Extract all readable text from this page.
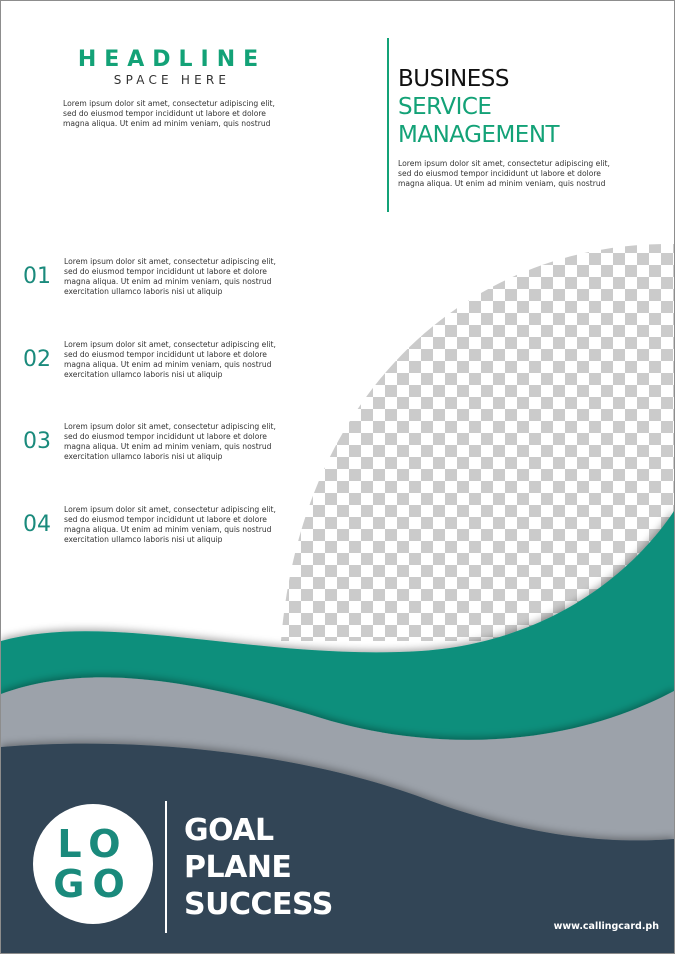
HEADLINE
SPACE HERE

Lorem ipsum dolor sit amet, consectetur adipiscing elit,
sed do eiusmod tempor incididunt ut labore et dolore
magna aliqua. Ut enim ad minim veniam, quis nostrud

BUSINESS
SERVICE
MANAGEMENT

Lorem ipsum dolor sit amet, consectetur adipiscing elit,
sed do eiusmod tempor incididunt ut labore et dolore
magna aliqua. Ut enim ad minim veniam, quis nostrud

01

Lorem ipsum dolor sit amet, consectetur adipiscing elit,
sed do eiusmod tempor incididunt ut labore et dolore
magna aliqua. Ut enim ad minim veniam, quis nostrud
exercitation ullamco laboris nisi ut aliquip

02

Lorem ipsum dolor sit amet, consectetur adipiscing elit,
sed do eiusmod tempor incididunt ut labore et dolore
magna aliqua. Ut enim ad minim veniam, quis nostrud
exercitation ullamco laboris nisi ut aliquip

03

Lorem ipsum dolor sit amet, consectetur adipiscing elit,
sed do eiusmod tempor incididunt ut labore et dolore
magna aliqua. Ut enim ad minim veniam, quis nostrud
exercitation ullamco laboris nisi ut aliquip

04

Lorem ipsum dolor sit amet, consectetur adipiscing elit,
sed do eiusmod tempor incididunt ut labore et dolore
magna aliqua. Ut enim ad minim veniam, quis nostrud
exercitation ullamco laboris nisi ut aliquip

LO
GO
GOAL
PLANE
SUCCESS
www.callingcard.ph
